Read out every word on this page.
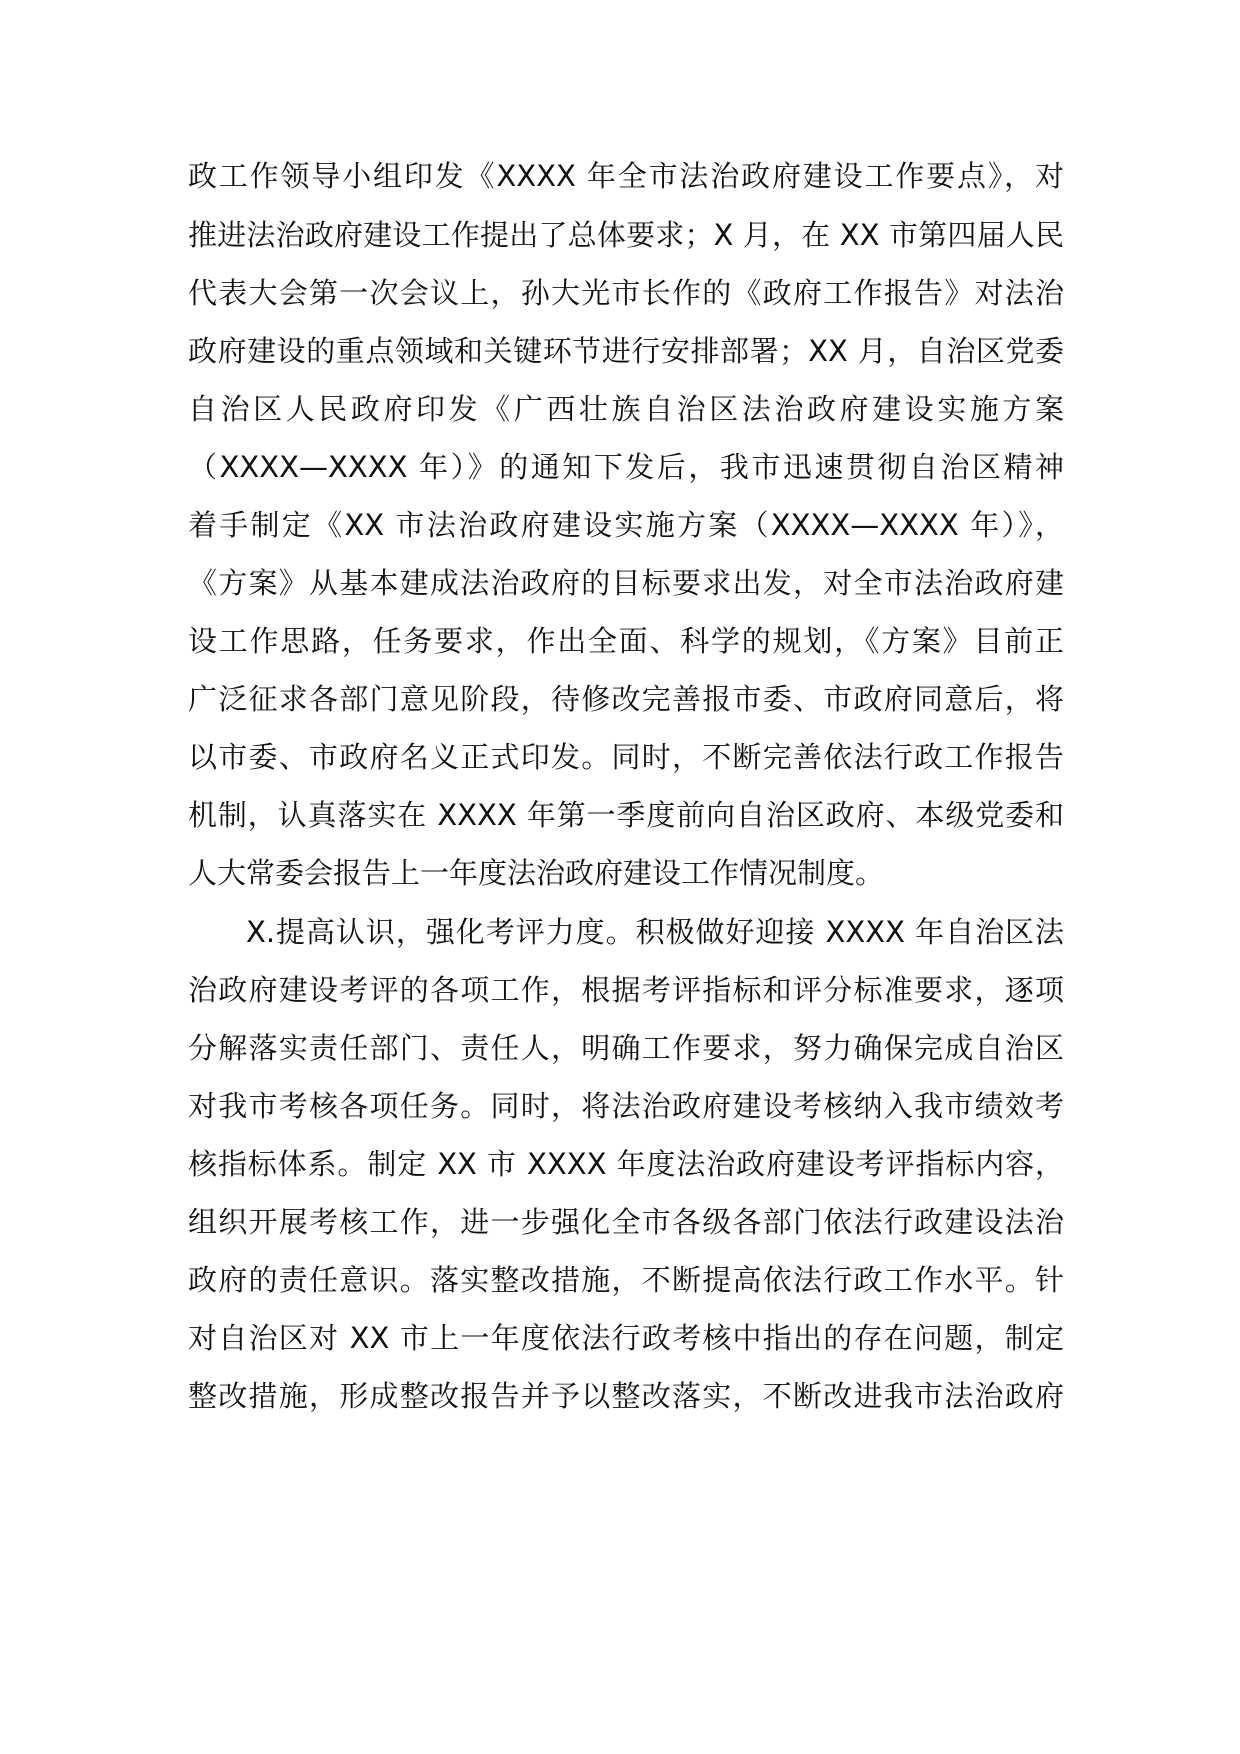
政工作领导小组印发《XXXX 年全市法治政府建设工作要点》，对
推进法治政府建设工作提出了总体要求；X 月，在 XX 市第四届人民
代表大会第一次会议上，孙大光市长作的《政府工作报告》对法治
政府建设的重点领域和关键环节进行安排部署；XX 月，自治区党委
自治区人民政府印发《广西壮族自治区法治政府建设实施方案
（XXXX—XXXX 年）》的通知下发后，我市迅速贯彻自治区精神
着手制定《XX 市法治政府建设实施方案（XXXX—XXXX 年）》，
《方案》从基本建成法治政府的目标要求出发，对全市法治政府建
设工作思路，任务要求，作出全面、科学的规划，《方案》目前正
广泛征求各部门意见阶段，待修改完善报市委、市政府同意后，将
以市委、市政府名义正式印发。同时，不断完善依法行政工作报告
机制，认真落实在 XXXX 年第一季度前向自治区政府、本级党委和
人大常委会报告上一年度法治政府建设工作情况制度。
X.提高认识，强化考评力度。积极做好迎接 XXXX 年自治区法
治政府建设考评的各项工作，根据考评指标和评分标准要求，逐项
分解落实责任部门、责任人，明确工作要求，努力确保完成自治区
对我市考核各项任务。同时，将法治政府建设考核纳入我市绩效考
核指标体系。制定 XX 市 XXXX 年度法治政府建设考评指标内容，
组织开展考核工作，进一步强化全市各级各部门依法行政建设法治
政府的责任意识。落实整改措施，不断提高依法行政工作水平。针
对自治区对 XX 市上一年度依法行政考核中指出的存在问题，制定
整改措施，形成整改报告并予以整改落实，不断改进我市法治政府
